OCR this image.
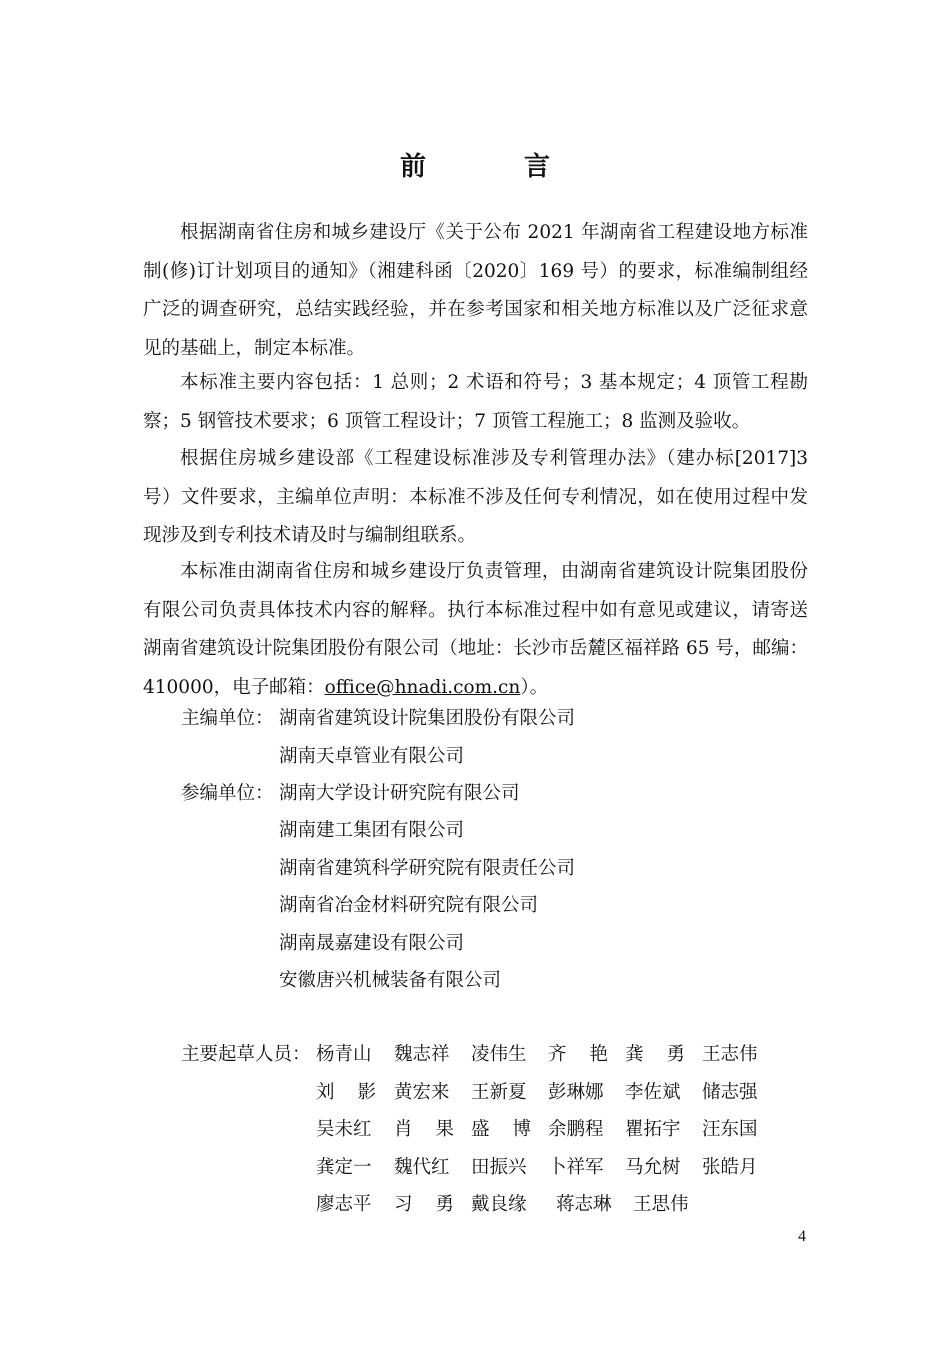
前　言

根据湖南省住房和城乡建设厅《关于公布 2021 年湖南省工程建设地方标准制(修)订计划项目的通知》（湘建科函〔2020〕169 号）的要求，标准编制组经广泛的调查研究，总结实践经验，并在参考国家和相关地方标准以及广泛征求意见的基础上，制定本标准。

本标准主要内容包括：1 总则；2 术语和符号；3 基本规定；4 顶管工程勘察；5 钢管技术要求；6 顶管工程设计；7 顶管工程施工；8 监测及验收。

根据住房城乡建设部《工程建设标准涉及专利管理办法》（建办标[2017]3号）文件要求，主编单位声明：本标准不涉及任何专利情况，如在使用过程中发现涉及到专利技术请及时与编制组联系。

本标准由湖南省住房和城乡建设厅负责管理，由湖南省建筑设计院集团股份有限公司负责具体技术内容的解释。执行本标准过程中如有意见或建议，请寄送湖南省建筑设计院集团股份有限公司（地址：长沙市岳麓区福祥路 65 号，邮编：410000，电子邮箱：office@hnadi.com.cn）。

主编单位： 湖南省建筑设计院集团股份有限公司
湖南天卓管业有限公司
参编单位： 湖南大学设计研究院有限公司
湖南建工集团有限公司
湖南省建筑科学研究院有限责任公司
湖南省冶金材料研究院有限公司
湖南晟嘉建设有限公司
安徽唐兴机械装备有限公司
主要起草人员： 杨青山 魏志祥 凌伟生 齐艳 龚勇 王志伟
刘影 黄宏来 王新夏 彭琳娜 李佐斌 储志强
吴未红 肖果 盛博 余鹏程 瞿拓宇 汪东国
龚定一 魏代红 田振兴 卜祥军 马允树 张皓月
廖志平 习勇 戴良缘 蒋志琳 王思伟
4
